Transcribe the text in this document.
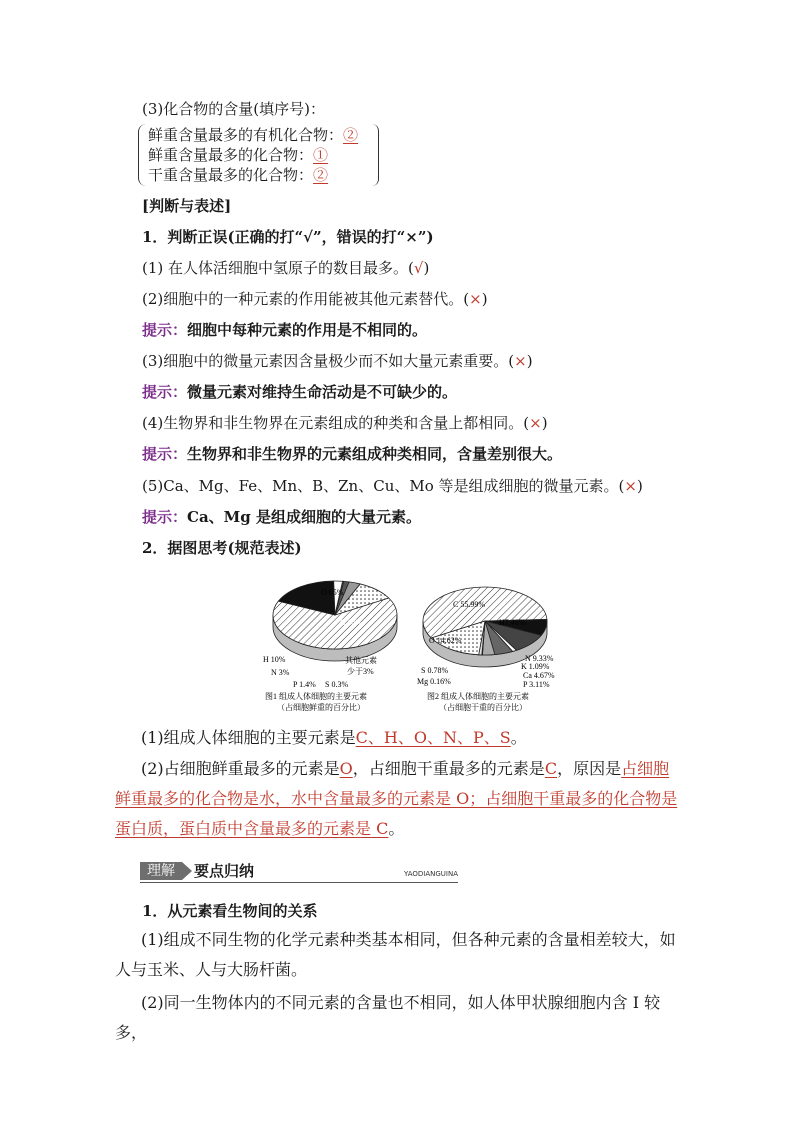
(3)化合物的含量(填序号)：
鲜重含量最多的有机化合物：②
鲜重含量最多的化合物：①
干重含量最多的化合物：②
[判断与表述]
1．判断正误(正确的打“√”，错误的打“×”)
(1) 在人体活细胞中氢原子的数目最多。(√)
(2)细胞中的一种元素的作用能被其他元素替代。(×)
提示：细胞中每种元素的作用是不相同的。
(3)细胞中的微量元素因含量极少而不如大量元素重要。(×)
提示：微量元素对维持生命活动是不可缺少的。
(4)生物界和非生物界在元素组成的种类和含量上都相同。(×)
提示：生物界和非生物界的元素组成种类相同，含量差别很大。
(5)Ca、Mg、Fe、Mn、B、Zn、Cu、Mo 等是组成细胞的微量元素。(×)
提示：Ca、Mg 是组成细胞的大量元素。
2．据图思考(规范表述)
O 65%
C 18%
H 10%
N 3%
P 1.4% S 0.3%
其他元素
少于3%
图1 组成人体细胞的主要元素
（占细胞鲜重的百分比）
C 55.99%
H7.46%
O 14.62%
N 9.33%
K 1.09%
Ca 4.67%
P 3.11%
S 0.78%
Mg 0.16%
图2 组成人体细胞的主要元素
（占细胞干重的百分比）
(1)组成人体细胞的主要元素是C、H、O、N、P、S。
(2)占细胞鲜重最多的元素是O，占细胞干重最多的元素是C，原因是占细胞
鲜重最多的化合物是水，水中含量最多的元素是 O；占细胞干重最多的化合物是
蛋白质，蛋白质中含量最多的元素是 C。
理解	要点归纳	YAODIANGUINA
1．从元素看生物间的关系
(1)组成不同生物的化学元素种类基本相同，但各种元素的含量相差较大，如
人与玉米、人与大肠杆菌。
(2)同一生物体内的不同元素的含量也不相同，如人体甲状腺细胞内含 I 较多，
